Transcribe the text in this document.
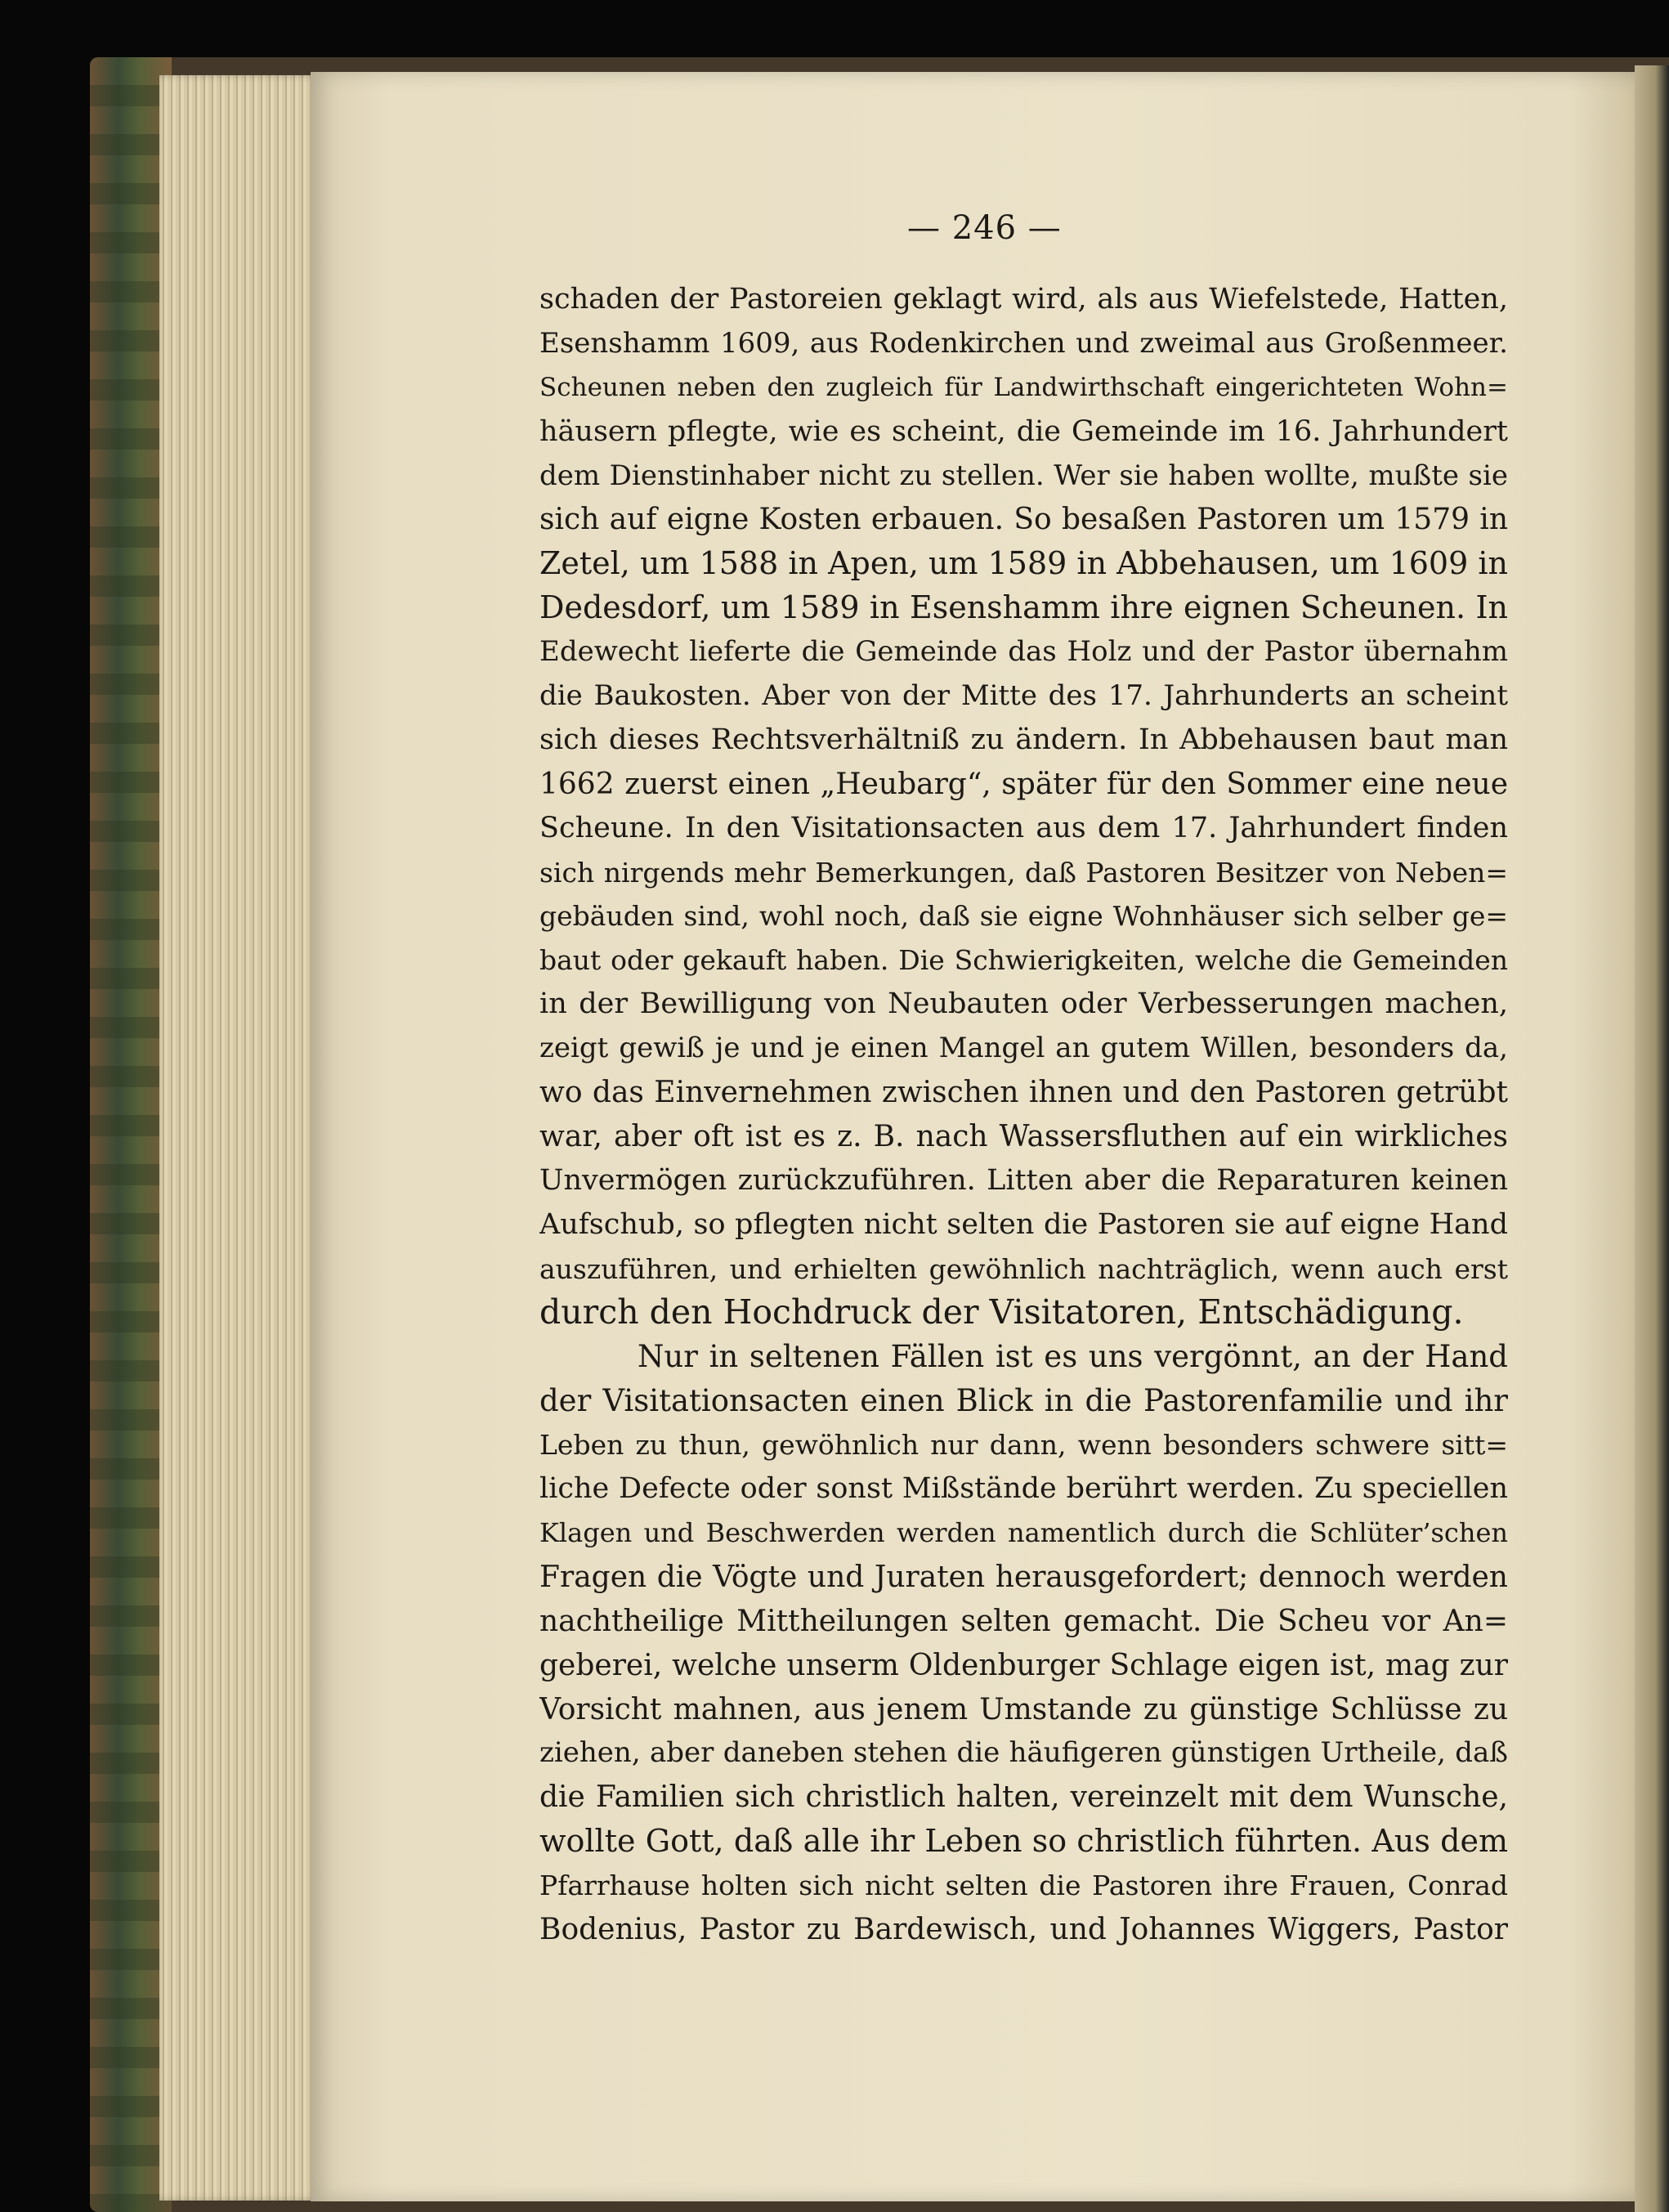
— 246 —
schaden der Pastoreien geklagt wird, als aus Wiefelstede, Hatten,
Esenshamm 1609, aus Rodenkirchen und zweimal aus Großenmeer.
Scheunen neben den zugleich für Landwirthschaft eingerichteten Wohn=
häusern pflegte, wie es scheint, die Gemeinde im 16. Jahrhundert
dem Dienstinhaber nicht zu stellen. Wer sie haben wollte, mußte sie
sich auf eigne Kosten erbauen. So besaßen Pastoren um 1579 in
Zetel, um 1588 in Apen, um 1589 in Abbehausen, um 1609 in
Dedesdorf, um 1589 in Esenshamm ihre eignen Scheunen. In
Edewecht lieferte die Gemeinde das Holz und der Pastor übernahm
die Baukosten. Aber von der Mitte des 17. Jahrhunderts an scheint
sich dieses Rechtsverhältniß zu ändern. In Abbehausen baut man
1662 zuerst einen „Heubarg“, später für den Sommer eine neue
Scheune. In den Visitationsacten aus dem 17. Jahrhundert finden
sich nirgends mehr Bemerkungen, daß Pastoren Besitzer von Neben=
gebäuden sind, wohl noch, daß sie eigne Wohnhäuser sich selber ge=
baut oder gekauft haben. Die Schwierigkeiten, welche die Gemeinden
in der Bewilligung von Neubauten oder Verbesserungen machen,
zeigt gewiß je und je einen Mangel an gutem Willen, besonders da,
wo das Einvernehmen zwischen ihnen und den Pastoren getrübt
war, aber oft ist es z. B. nach Wassersfluthen auf ein wirkliches
Unvermögen zurückzuführen. Litten aber die Reparaturen keinen
Aufschub, so pflegten nicht selten die Pastoren sie auf eigne Hand
auszuführen, und erhielten gewöhnlich nachträglich, wenn auch erst
durch den Hochdruck der Visitatoren, Entschädigung.
Nur in seltenen Fällen ist es uns vergönnt, an der Hand
der Visitationsacten einen Blick in die Pastorenfamilie und ihr
Leben zu thun, gewöhnlich nur dann, wenn besonders schwere sitt=
liche Defecte oder sonst Mißstände berührt werden. Zu speciellen
Klagen und Beschwerden werden namentlich durch die Schlüter’schen
Fragen die Vögte und Juraten herausgefordert; dennoch werden
nachtheilige Mittheilungen selten gemacht. Die Scheu vor An=
geberei, welche unserm Oldenburger Schlage eigen ist, mag zur
Vorsicht mahnen, aus jenem Umstande zu günstige Schlüsse zu
ziehen, aber daneben stehen die häufigeren günstigen Urtheile, daß
die Familien sich christlich halten, vereinzelt mit dem Wunsche,
wollte Gott, daß alle ihr Leben so christlich führten. Aus dem
Pfarrhause holten sich nicht selten die Pastoren ihre Frauen, Conrad
Bodenius, Pastor zu Bardewisch, und Johannes Wiggers, Pastor
